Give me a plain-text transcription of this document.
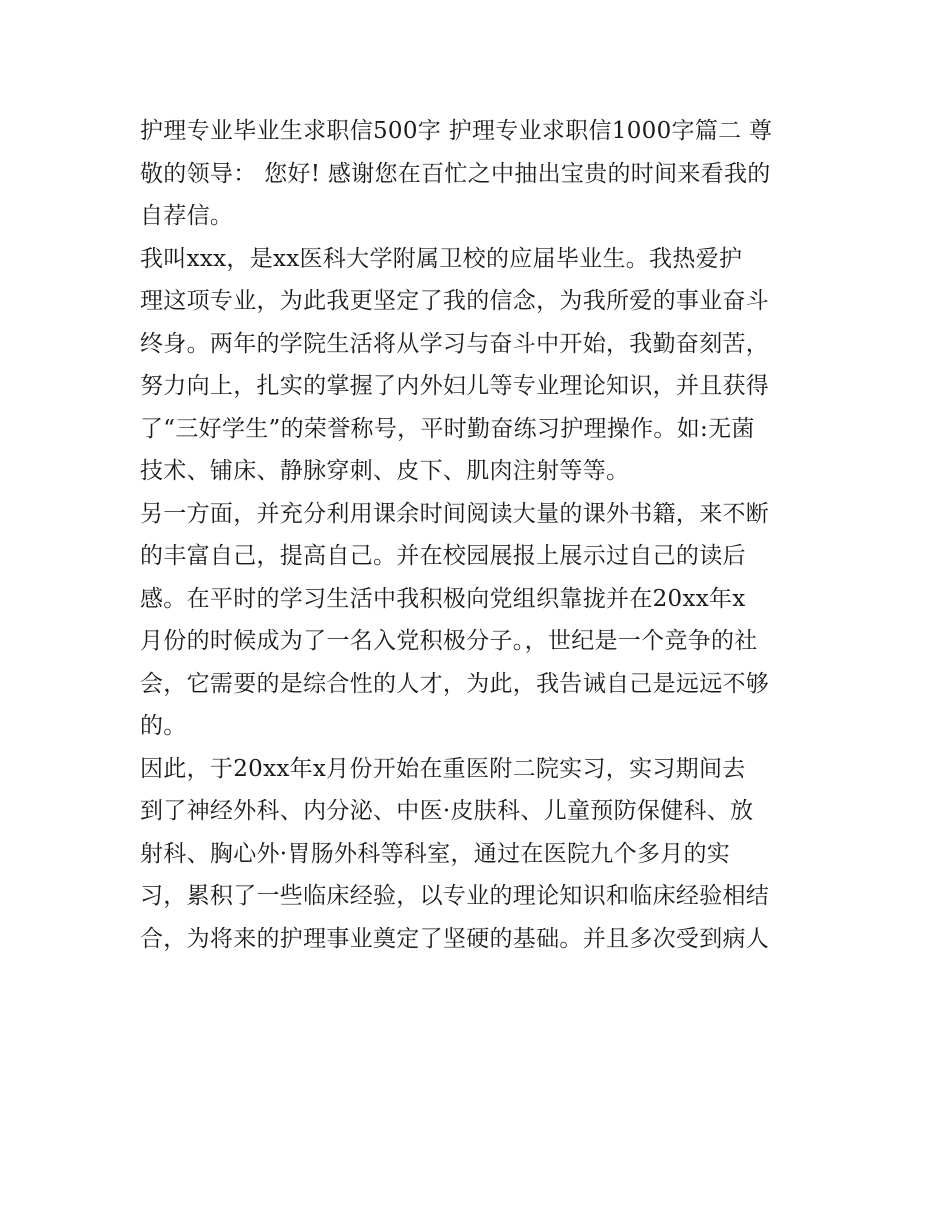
护理专业毕业生求职信500字 护理专业求职信1000字篇二 尊
敬的领导： 您好! 感谢您在百忙之中抽出宝贵的时间来看我的
自荐信。
我叫xxx，是xx医科大学附属卫校的应届毕业生。我热爱护
理这项专业，为此我更坚定了我的信念，为我所爱的事业奋斗
终身。两年的学院生活将从学习与奋斗中开始，我勤奋刻苦，
努力向上，扎实的掌握了内外妇儿等专业理论知识，并且获得
了“三好学生”的荣誉称号，平时勤奋练习护理操作。如:无菌
技术、铺床、静脉穿刺、皮下、肌肉注射等等。
另一方面，并充分利用课余时间阅读大量的课外书籍，来不断
的丰富自己，提高自己。并在校园展报上展示过自己的读后
感。在平时的学习生活中我积极向党组织靠拢并在20xx年x
月份的时候成为了一名入党积极分子。，世纪是一个竞争的社
会，它需要的是综合性的人才，为此，我告诫自己是远远不够
的。
因此，于20xx年x月份开始在重医附二院实习，实习期间去
到了神经外科、内分泌、中医·皮肤科、儿童预防保健科、放
射科、胸心外·胃肠外科等科室，通过在医院九个多月的实
习，累积了一些临床经验，以专业的理论知识和临床经验相结
合，为将来的护理事业奠定了坚硬的基础。并且多次受到病人
